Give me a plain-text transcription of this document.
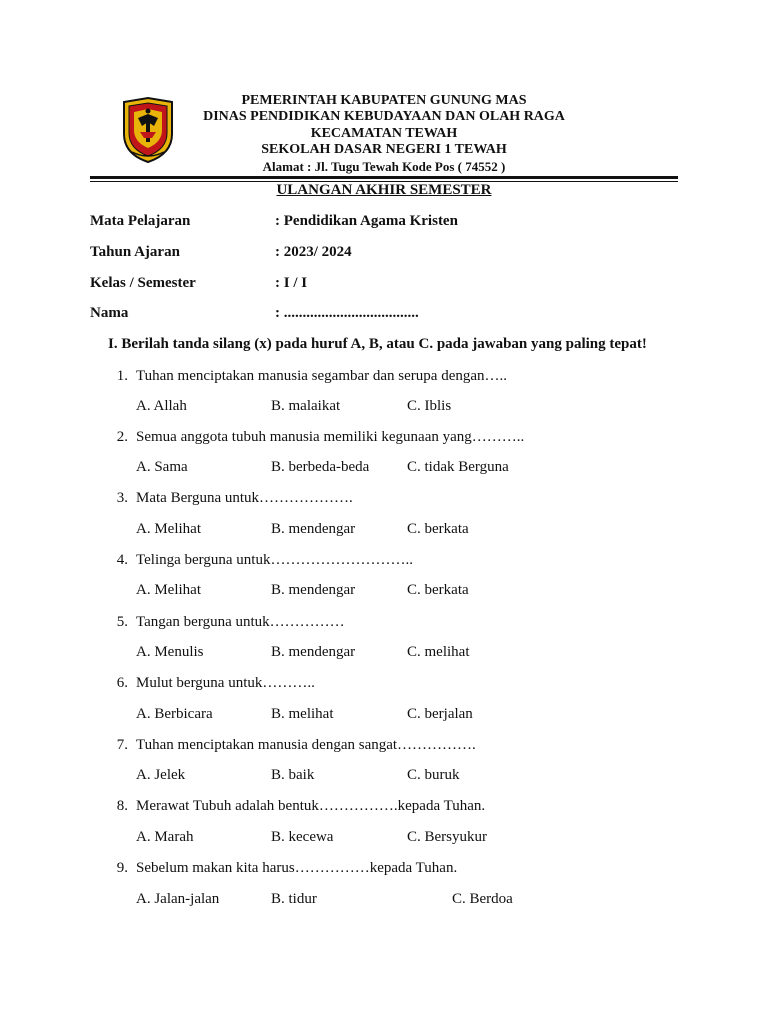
PEMERINTAH KABUPATEN GUNUNG MAS
DINAS PENDIDIKAN KEBUDAYAAN DAN OLAH RAGA
KECAMATAN TEWAH
SEKOLAH DASAR NEGERI 1 TEWAH
Alamat : Jl. Tugu Tewah Kode Pos ( 74552 )
ULANGAN AKHIR SEMESTER
Mata Pelajaran	: Pendidikan Agama Kristen
Tahun Ajaran	: 2023/ 2024
Kelas / Semester	: I / I
Nama	: ....................................
I. Berilah tanda silang (x) pada huruf A, B, atau C. pada jawaban yang paling tepat!
1. Tuhan menciptakan manusia segambar dan serupa dengan…..
A. Allah	B. malaikat	C. Iblis
2. Semua anggota tubuh manusia memiliki kegunaan yang………..
A. Sama	B. berbeda-beda	C. tidak Berguna
3. Mata Berguna untuk……………….
A. Melihat	B. mendengar	C. berkata
4. Telinga berguna untuk………………………..
A. Melihat	B. mendengar	C. berkata
5. Tangan berguna untuk……………
A. Menulis	B. mendengar	C. melihat
6. Mulut berguna untuk………..
A. Berbicara	B. melihat	C. berjalan
7. Tuhan menciptakan manusia dengan sangat…………….
A. Jelek	B. baik	C. buruk
8. Merawat Tubuh adalah bentuk…………….kepada Tuhan.
A. Marah	B. kecewa	C. Bersyukur
9. Sebelum makan kita harus……………kepada Tuhan.
A. Jalan-jalan	B. tidur	C. Berdoa
